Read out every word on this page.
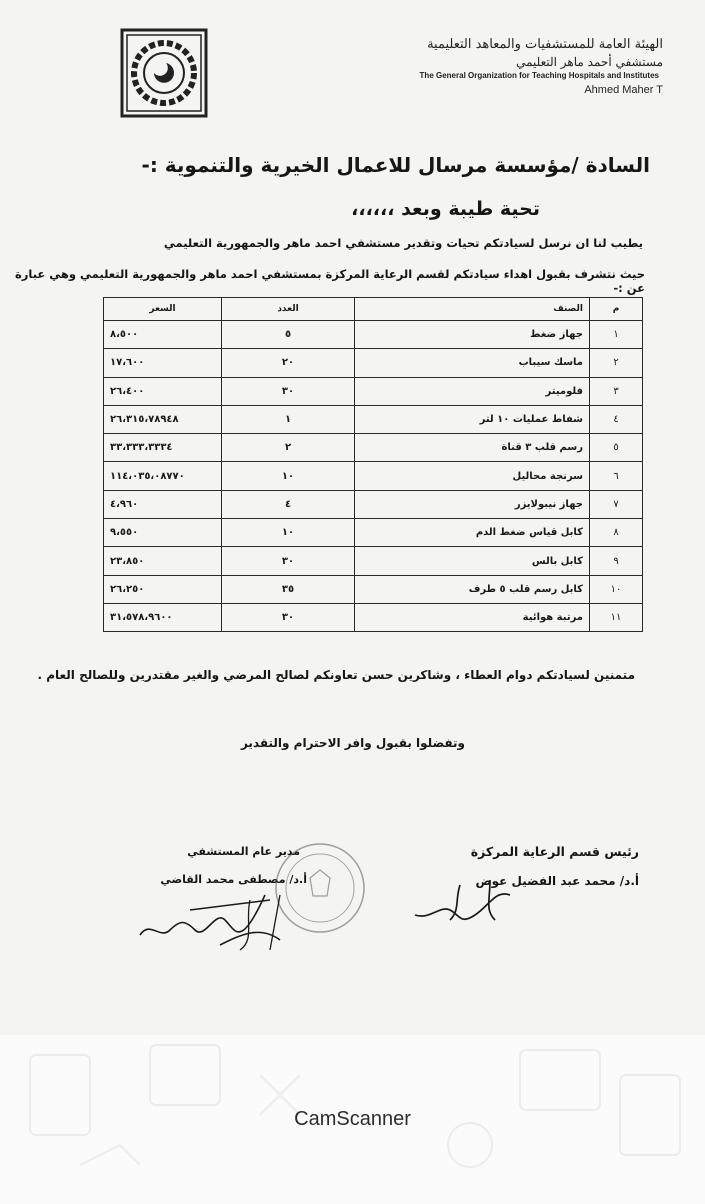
الهيئة العامة للمستشفيات والمعاهد التعليمية
مستشفي أحمد ماهر التعليمي
The General Organization for Teaching Hospitals and Institutes
Ahmed Maher T
السادة /مؤسسة مرسال للاعمال الخيرية والتنموية :-
تحية طيبة وبعد ،،،،،،
يطيب لنا ان نرسل لسيادتكم تحيات وتقدير مستشفي احمد ماهر والجمهورية التعليمي
حيث نتشرف بقبول اهداء سيادتكم لقسم الرعاية المركزة بمستشفي احمد ماهر والجمهورية التعليمي وهي عبارة عن :-
م	الصنف	العدد	السعر
١	جهاز ضغط	٥	٨،٥٠٠
٢	ماسك سيباب	٢٠	١٧،٦٠٠
٣	فلوميتر	٣٠	٢٦،٤٠٠
٤	شفاط عمليات ١٠ لتر	١	٢٦،٣١٥،٧٨٩٤٨
٥	رسم قلب ٣ قناة	٢	٣٣،٣٣٣،٣٣٣٤
٦	سرنجة محاليل	١٠	١١٤،٠٣٥،٠٨٧٧٠
٧	جهاز نيبولايزر	٤	٤،٩٦٠
٨	كابل قياس ضغط الدم	١٠	٩،٥٥٠
٩	كابل بالس	٣٠	٢٣،٨٥٠
١٠	كابل رسم قلب ٥ طرف	٣٥	٢٦،٢٥٠
١١	مرتبة هوائية	٣٠	٣١،٥٧٨،٩٦٠٠
متمنين لسيادتكم دوام العطاء ، وشاكرين حسن تعاونكم لصالح المرضي والغير مقتدرين وللصالح العام .
وتفضلوا بقبول وافر الاحترام والتقدير
رئيس قسم الرعاية المركزة
أ.د/ محمد عبد الفضيل عوض
مدير عام المستشفي
أ.د/ مصطفى محمد القاضي
CamScanner
